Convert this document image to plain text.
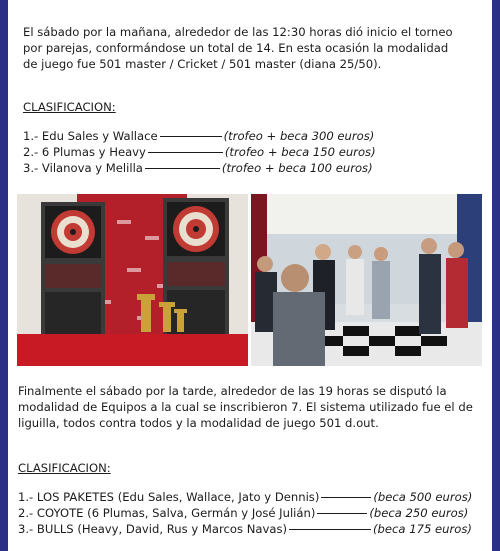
El sábado por la mañana, alrededor de las 12:30 horas dió inicio el torneo
por parejas, conformándose un total de 14. En esta ocasión la modalidad
de juego fue 501 master / Cricket / 501 master (diana 25/50).
CLASIFICACION:
1.- Edu Sales y Wallace	(trofeo + beca 300 euros)
2.- 6 Plumas y Heavy	(trofeo + beca 150 euros)
3.- Vilanova y Melilla	(trofeo + beca 100 euros)
Finalmente el sábado por la tarde, alrededor de las 19 horas se disputó la
modalidad de Equipos a la cual se inscribieron 7. El sistema utilizado fue el de
liguilla, todos contra todos y la modalidad de juego 501 d.out.
CLASIFICACION:
1.- LOS PAKETES (Edu Sales, Wallace, Jato y Dennis)	(beca 500 euros)
2.- COYOTE (6 Plumas, Salva, Germán y José Julián)	(beca 250 euros)
3.- BULLS (Heavy, David, Rus y Marcos Navas)	(beca 175 euros)
